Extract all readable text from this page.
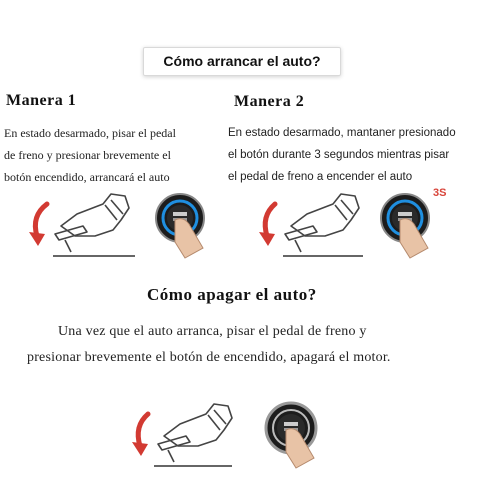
Cómo arrancar el auto?
Manera 1
En estado desarmado, pisar el pedal
de freno y presionar brevemente el
botón encendido, arrancará el auto
Manera 2
En estado desarmado, mantaner presionado
el botón durante 3 segundos mientras pisar
el pedal de freno a encender el auto
3S
Cómo apagar el auto?
Una vez que el auto arranca, pisar el pedal de freno y
presionar brevemente el botón de encendido, apagará el motor.
